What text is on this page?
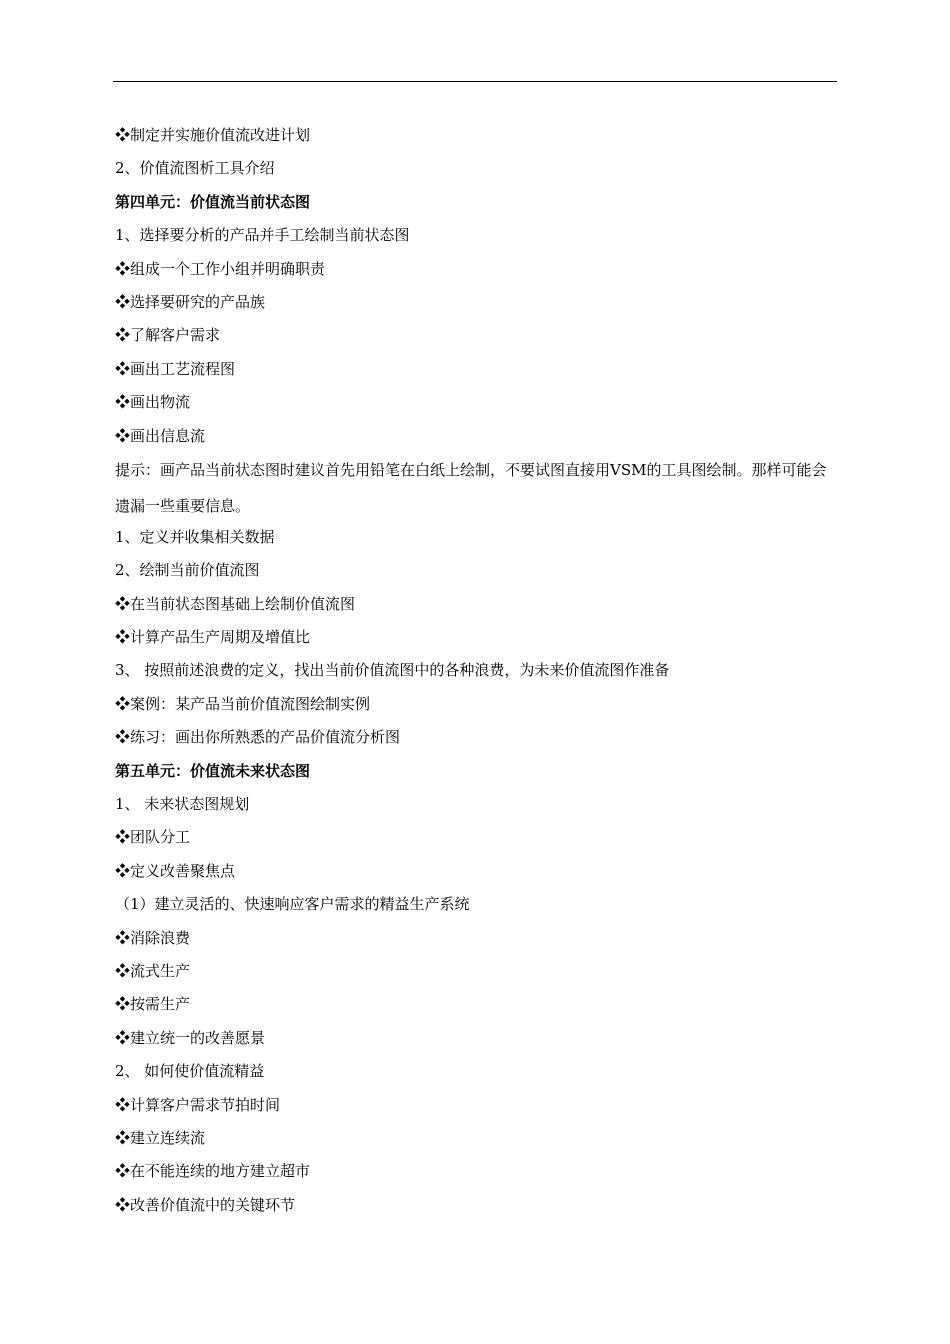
❖制定并实施价值流改进计划
2、价值流图析工具介绍
第四单元：价值流当前状态图
1、选择要分析的产品并手工绘制当前状态图
❖组成一个工作小组并明确职责
❖选择要研究的产品族
❖了解客户需求
❖画出工艺流程图
❖画出物流
❖画出信息流
提示：画产品当前状态图时建议首先用铅笔在白纸上绘制，不要试图直接用VSM的工具图绘制。那样可能会遗漏一些重要信息。
1、定义并收集相关数据
2、绘制当前价值流图
❖在当前状态图基础上绘制价值流图
❖计算产品生产周期及增值比
3、 按照前述浪费的定义，找出当前价值流图中的各种浪费，为未来价值流图作准备
❖案例：某产品当前价值流图绘制实例
❖练习：画出你所熟悉的产品价值流分析图
第五单元：价值流未来状态图
1、 未来状态图规划
❖团队分工
❖定义改善聚焦点
（1）建立灵活的、快速响应客户需求的精益生产系统
❖消除浪费
❖流式生产
❖按需生产
❖建立统一的改善愿景
2、 如何使价值流精益
❖计算客户需求节拍时间
❖建立连续流
❖在不能连续的地方建立超市
❖改善价值流中的关键环节
